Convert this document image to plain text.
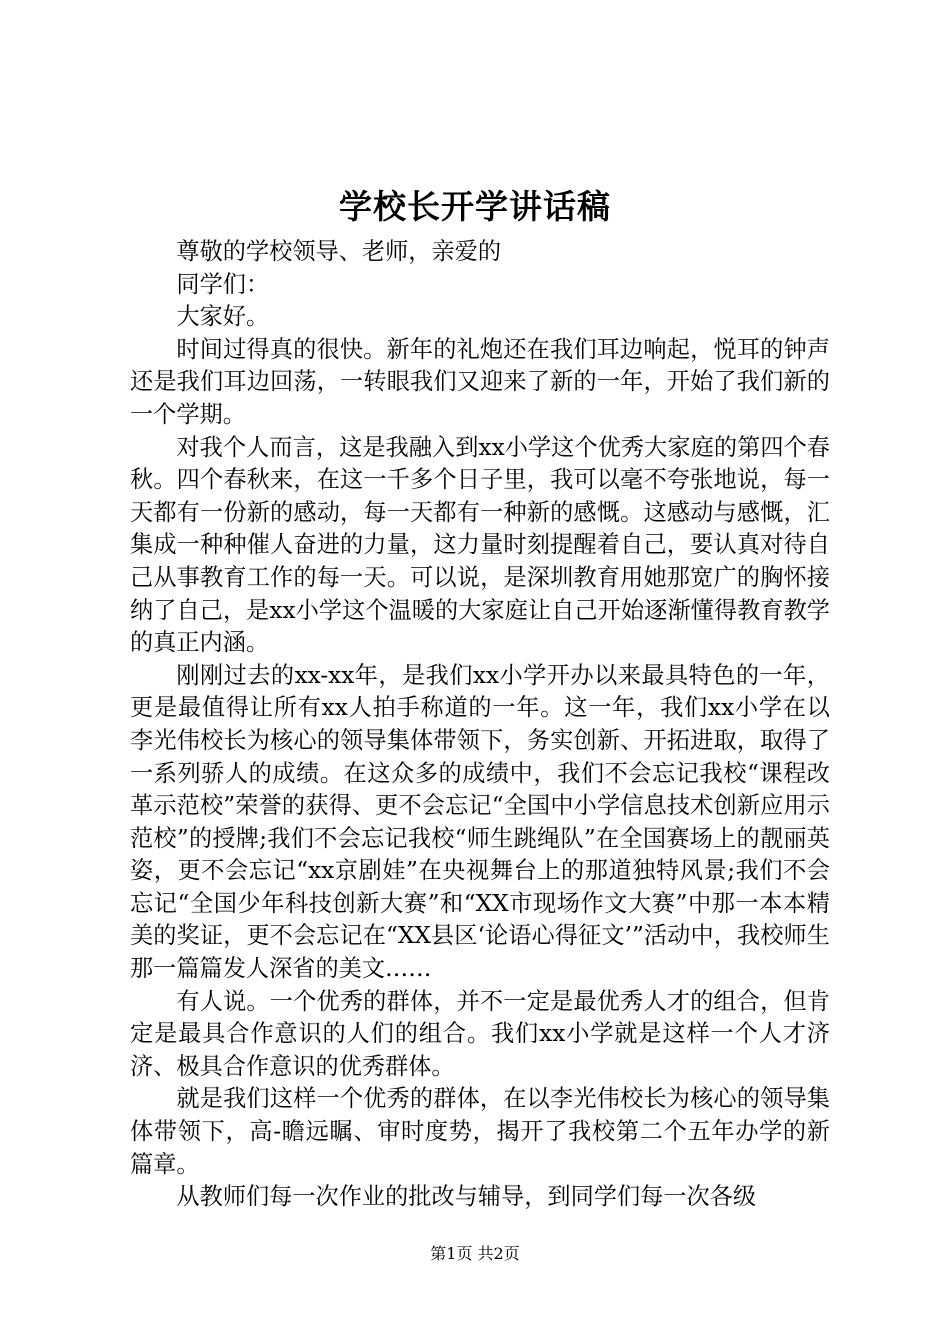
学校长开学讲话稿

尊敬的学校领导、老师，亲爱的

同学们：

大家好。

时间过得真的很快。新年的礼炮还在我们耳边响起，悦耳的钟声还是我们耳边回荡，一转眼我们又迎来了新的一年，开始了我们新的一个学期。

对我个人而言，这是我融入到xx小学这个优秀大家庭的第四个春秋。四个春秋来，在这一千多个日子里，我可以毫不夸张地说，每一天都有一份新的感动，每一天都有一种新的感慨。这感动与感慨，汇集成一种种催人奋进的力量，这力量时刻提醒着自己，要认真对待自己从事教育工作的每一天。可以说，是深圳教育用她那宽广的胸怀接纳了自己，是xx小学这个温暖的大家庭让自己开始逐渐懂得教育教学的真正内涵。

刚刚过去的xx-xx年，是我们xx小学开办以来最具特色的一年，更是最值得让所有xx人拍手称道的一年。这一年，我们xx小学在以李光伟校长为核心的领导集体带领下，务实创新、开拓进取，取得了一系列骄人的成绩。在这众多的成绩中，我们不会忘记我校“课程改革示范校”荣誉的获得、更不会忘记“全国中小学信息技术创新应用示范校”的授牌;我们不会忘记我校“师生跳绳队”在全国赛场上的靓丽英姿，更不会忘记“xx京剧娃”在央视舞台上的那道独特风景;我们不会忘记“全国少年科技创新大赛”和“XX市现场作文大赛”中那一本本精美的奖证，更不会忘记在“XX县区‘论语心得征文’”活动中，我校师生那一篇篇发人深省的美文……

有人说。一个优秀的群体，并不一定是最优秀人才的组合，但肯定是最具合作意识的人们的组合。我们xx小学就是这样一个人才济济、极具合作意识的优秀群体。

就是我们这样一个优秀的群体，在以李光伟校长为核心的领导集体带领下，高-瞻远瞩、审时度势，揭开了我校第二个五年办学的新篇章。

从教师们每一次作业的批改与辅导，到同学们每一次各级

第1页 共2页
